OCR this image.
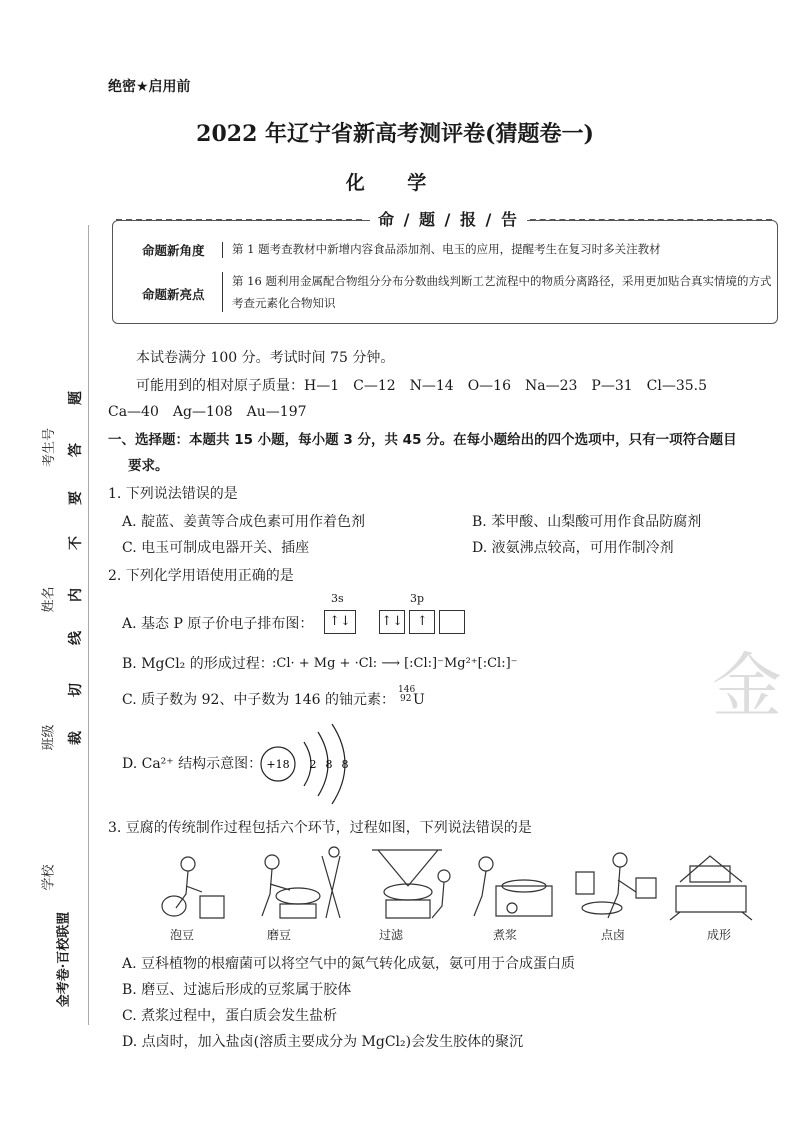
考生号
姓名
班级
学校
答
题
不
要
内
线
切
裁
金考卷·百校联盟
绝密★启用前
2022 年辽宁省新高考测评卷(猜题卷一)
化 学
命 / 题 / 报 / 告
命题新角度 第 1 题考查教材中新增内容食品添加剂、电玉的应用，提醒考生在复习时多关注教材
命题新亮点
第 16 题利用金属配合物组分分布分数曲线判断工艺流程中的物质分离路径，采用更加贴合真实情境的方式考查元素化合物知识
本试卷满分 100 分。考试时间 75 分钟。
可能用到的相对原子质量：H—1　C—12　N—14　O—16　Na—23　P—31　Cl—35.5
Ca—40　Ag—108　Au—197
一、选择题：本题共 15 小题，每小题 3 分，共 45 分。在每小题给出的四个选项中，只有一项符合题目
要求。
1. 下列说法错误的是
A. 靛蓝、姜黄等合成色素可用作着色剂	B. 苯甲酸、山梨酸可用作食品防腐剂
C. 电玉可制成电器开关、插座	D. 液氨沸点较高，可用作制冷剂
2. 下列化学用语使用正确的是
A. 基态 P 原子价电子排布图：
3s	3p
↑↓ ↑↓ ↑
B. MgCl₂ 的形成过程：
:Cl· + Mg + ·Cl: ⟶ [:Cl:]⁻Mg²⁺[:Cl:]⁻
C. 质子数为 92、中子数为 146 的铀元素：
146
92 U
D. Ca²⁺ 结构示意图： +18 2 8 8
3. 豆腐的传统制作过程包括六个环节，过程如图，下列说法错误的是
泡豆	磨豆	过滤	煮浆	点卤	成形
A. 豆科植物的根瘤菌可以将空气中的氮气转化成氨，氨可用于合成蛋白质
B. 磨豆、过滤后形成的豆浆属于胶体
C. 煮浆过程中，蛋白质会发生盐析
D. 点卤时，加入盐卤(溶质主要成分为 MgCl₂)会发生胶体的聚沉
金
